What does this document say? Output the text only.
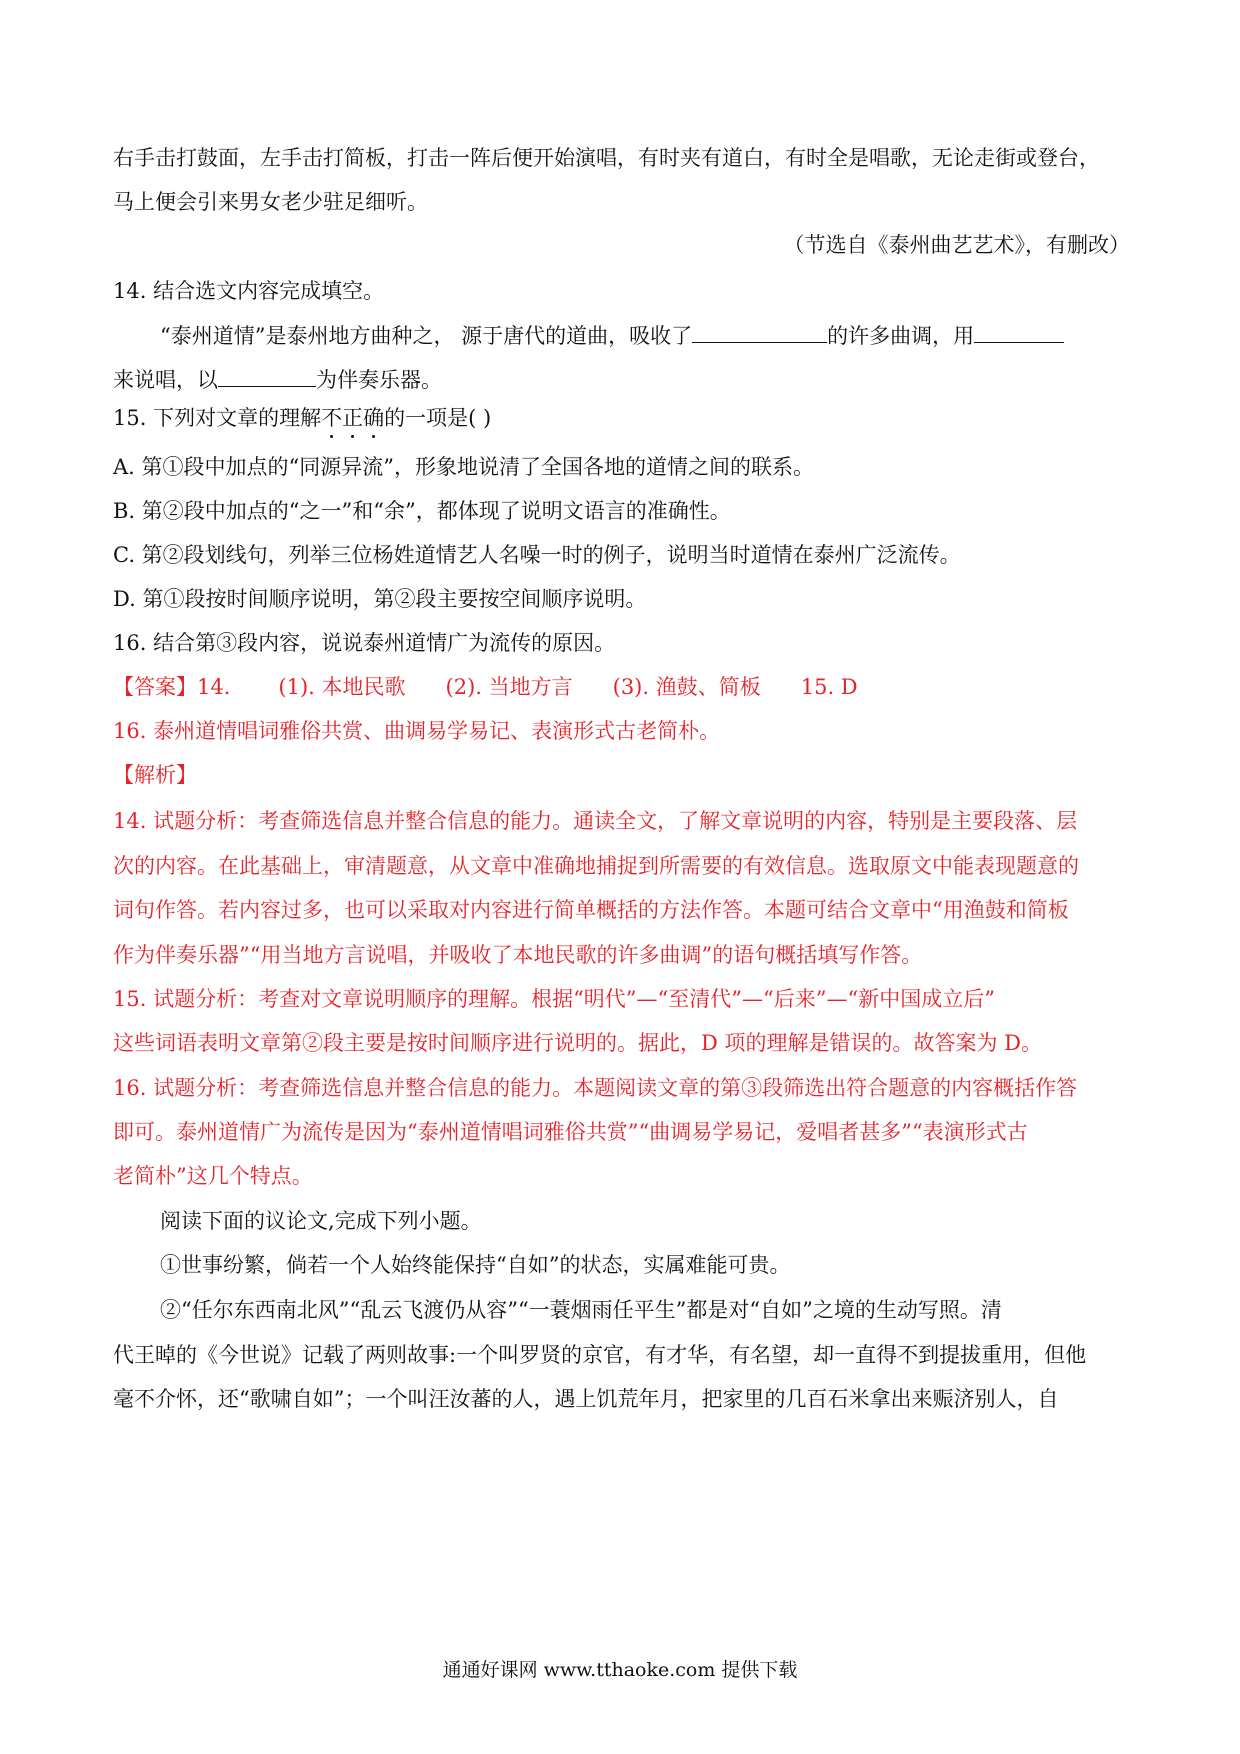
右手击打鼓面，左手击打简板，打击一阵后便开始演唱，有时夹有道白，有时全是唱歌，无论走街或登台，
马上便会引来男女老少驻足细听。
（节选自《泰州曲艺艺术》，有删改）
14. 结合选文内容完成填空。
“泰州道情”是泰州地方曲种之， 源于唐代的道曲，吸收了	的许多曲调，用
来说唱，以	为伴奏乐器。
15. 下列对文章的理解不正确的一项是( )
A. 第①段中加点的“同源异流”，形象地说清了全国各地的道情之间的联系。
B. 第②段中加点的“之一”和“余”，都体现了说明文语言的准确性。
C. 第②段划线句，列举三位杨姓道情艺人名噪一时的例子，说明当时道情在泰州广泛流传。
D. 第①段按时间顺序说明，第②段主要按空间顺序说明。
16. 结合第③段内容，说说泰州道情广为流传的原因。
【答案】14. (1). 本地民歌 (2). 当地方言 (3). 渔鼓、简板 15. D
16. 泰州道情唱词雅俗共赏、曲调易学易记、表演形式古老简朴。
【解析】
14. 试题分析：考查筛选信息并整合信息的能力。通读全文，了解文章说明的内容，特别是主要段落、层
次的内容。在此基础上，审清题意，从文章中准确地捕捉到所需要的有效信息。选取原文中能表现题意的
词句作答。若内容过多，也可以采取对内容进行简单概括的方法作答。本题可结合文章中“用渔鼓和简板
作为伴奏乐器”“用当地方言说唱，并吸收了本地民歌的许多曲调”的语句概括填写作答。
15. 试题分析：考查对文章说明顺序的理解。根据“明代”—“至清代”—“后来”—“新中国成立后”
这些词语表明文章第②段主要是按时间顺序进行说明的。据此，D 项的理解是错误的。故答案为 D。
16. 试题分析：考查筛选信息并整合信息的能力。本题阅读文章的第③段筛选出符合题意的内容概括作答
即可。泰州道情广为流传是因为“泰州道情唱词雅俗共赏”“曲调易学易记，爱唱者甚多”“表演形式古
老简朴”这几个特点。
阅读下面的议论文,完成下列小题。
①世事纷繁，倘若一个人始终能保持“自如”的状态，实属难能可贵。
②“任尔东西南北风”“乱云飞渡仍从容”“一蓑烟雨任平生”都是对“自如”之境的生动写照。清
代王晫的《今世说》记载了两则故事:一个叫罗贤的京官，有才华，有名望，却一直得不到提拔重用，但他
毫不介怀，还“歌啸自如”；一个叫汪汝蕃的人，遇上饥荒年月，把家里的几百石米拿出来赈济别人，自
通通好课网 www.tthaoke.com 提供下载
